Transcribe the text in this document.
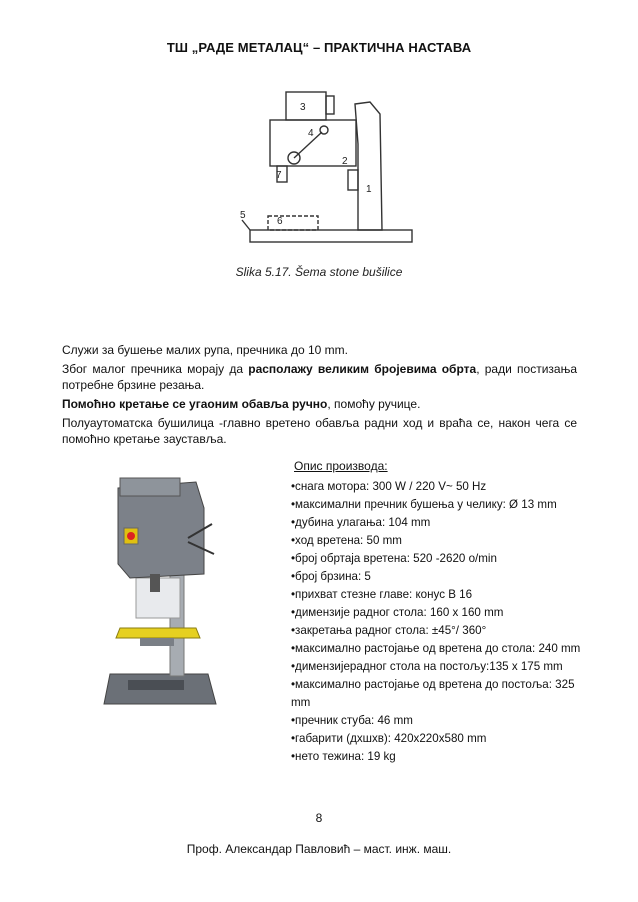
ТШ „РАДЕ МЕТАЛАЦ“ – ПРАКТИЧНА НАСТАВА
3
4
2
1
5
6
7
Slika 5.17. Šema stone bušilice
Служи за бушење малих рупа, пречника до 10 mm.
Због малог пречника морају да располажу великим бројевима обрта, ради постизања потребне брзине резања.
Помоћно кретање се угаоним обавља ручно, помоћу ручице.
Полуаутоматска бушилица -главно вретено обавља радни ход и враћа се, након чега се помоћно кретање зауставља.
Опис производа:
•снага мотора: 300 W / 220 V~ 50 Hz
•максимални пречник бушења у челику: Ø 13 mm
•дубина улагања: 104 mm
•ход вретена: 50 mm
•број обртаја вретена: 520 -2620 o/min
•број брзина: 5
•прихват стезне главе: конус B 16
•димензије радног стола: 160 x 160 mm
•закретања радног стола: ±45°/ 360°
•максимално растојање од вретена до стола: 240 mm
•димензијерадног стола на постољу:135 x 175 mm
•максимално растојање од вретена до постоља: 325 mm
•пречник стуба: 46 mm
•габарити (дхшхв): 420x220x580 mm
•нето тежина: 19 kg
8
Проф. Александар Павловић – маст. инж. маш.
